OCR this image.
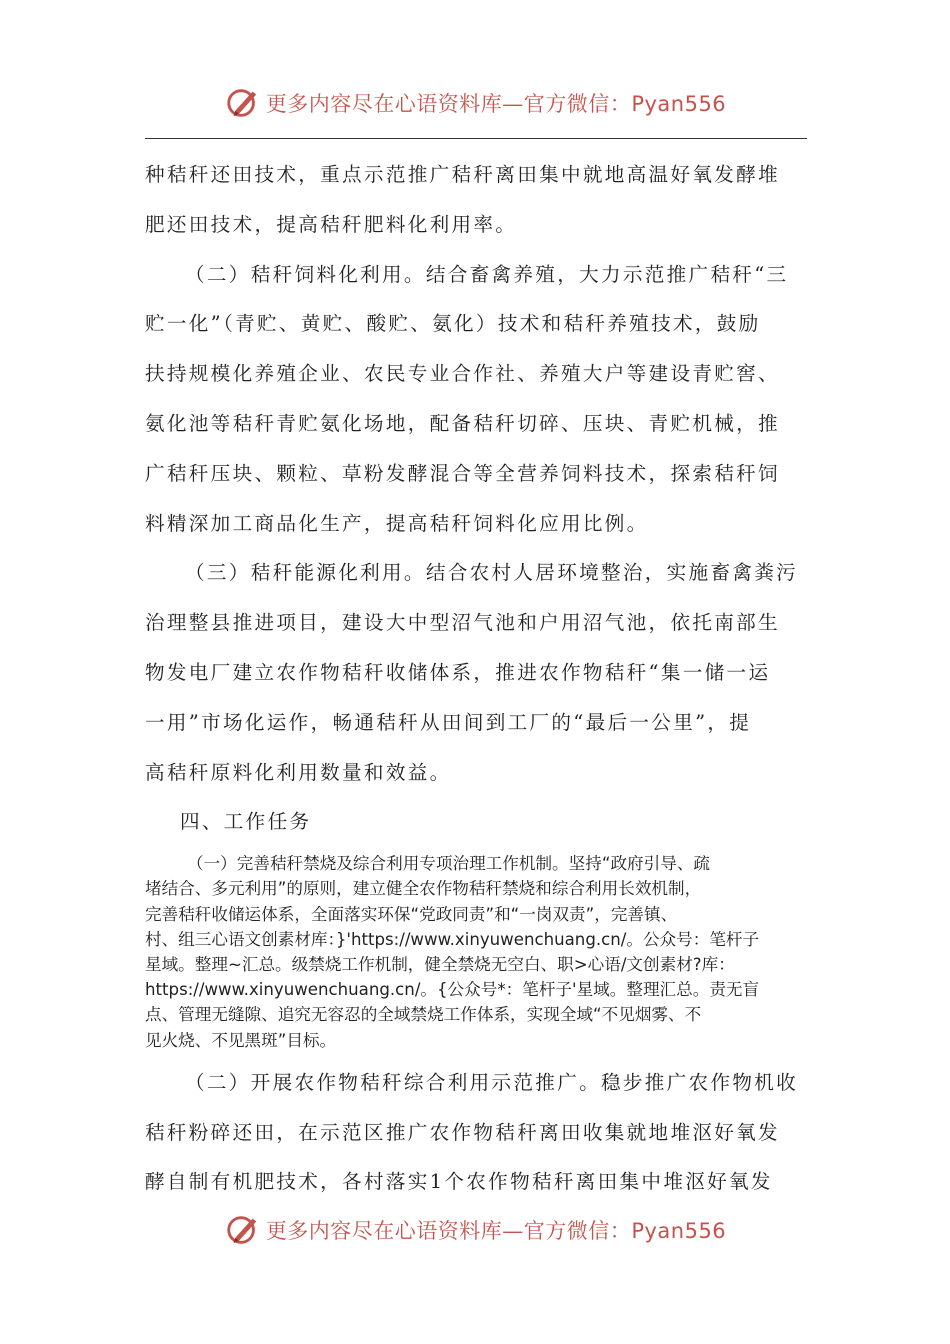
更多内容尽在心语资料库—官方微信：Pyan556
种秸秆还田技术，重点示范推广秸秆离田集中就地高温好氧发酵堆
肥还田技术，提高秸秆肥料化利用率。
（二）秸秆饲料化利用。结合畜禽养殖，大力示范推广秸秆“三
贮一化”（青贮、黄贮、酸贮、氨化）技术和秸秆养殖技术，鼓励
扶持规模化养殖企业、农民专业合作社、养殖大户等建设青贮窖、
氨化池等秸秆青贮氨化场地，配备秸秆切碎、压块、青贮机械，推
广秸秆压块、颗粒、草粉发酵混合等全营养饲料技术，探索秸秆饲
料精深加工商品化生产，提高秸秆饲料化应用比例。
（三）秸秆能源化利用。结合农村人居环境整治，实施畜禽粪污
治理整县推进项目，建设大中型沼气池和户用沼气池，依托南部生
物发电厂建立农作物秸秆收储体系，推进农作物秸秆“集一储一运
一用”市场化运作，畅通秸秆从田间到工厂的“最后一公里”，提
高秸秆原料化利用数量和效益。
四、工作任务
（一）完善秸秆禁烧及综合利用专项治理工作机制。坚持“政府引导、疏
堵结合、多元利用”的原则，建立健全农作物秸秆禁烧和综合利用长效机制，
完善秸秆收储运体系，全面落实环保“党政同责”和“一岗双责”，完善镇、
村、组三心语文创素材库：}'https://www.xinyuwenchuang.cn/。公众号：笔杆子
星域。整理~汇总。级禁烧工作机制，健全禁烧无空白、职>心语/文创素材?库：
https://www.xinyuwenchuang.cn/。{公众号*：笔杆子'星域。整理汇总。责无盲
点、管理无缝隙、追究无容忍的全域禁烧工作体系，实现全域“不见烟雾、不
见火烧、不见黑斑”目标。
（二）开展农作物秸秆综合利用示范推广。稳步推广农作物机收
秸秆粉碎还田，在示范区推广农作物秸秆离田收集就地堆沤好氧发
酵自制有机肥技术，各村落实1个农作物秸秆离田集中堆沤好氧发
更多内容尽在心语资料库—官方微信：Pyan556
